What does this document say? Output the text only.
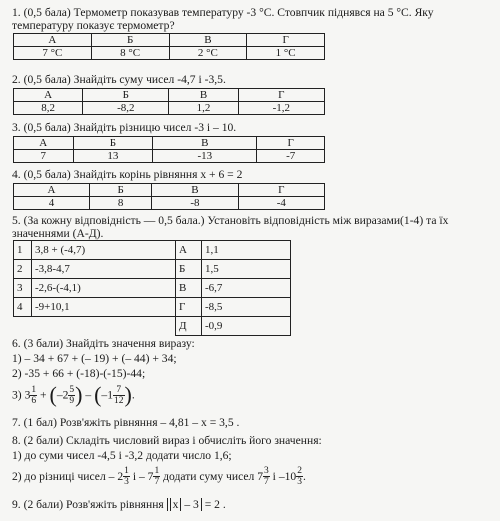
1. (0,5 бала) Термометр показував температуру -3 °С. Стовпчик піднявся на 5 °С. Яку температуру показує термометр?
А	Б	В	Г
7 °С	8 °С	2 °С	1 °С
2. (0,5 бала) Знайдіть суму чисел -4,7 і -3,5.
А	Б	В	Г
8,2	-8,2	1,2	-1,2
3. (0,5 бала) Знайдіть різницю чисел -3 і – 10.
А	Б	В	Г
7	13	-13	-7
4. (0,5 бала) Знайдіть корінь рівняння х + 6 = 2
А	Б	В	Г
4	8	-8	-4
5. (За кожну відповідність — 0,5 бала.) Установіть відповідність між виразами(1-4) та їх значеннями (А-Д).
1	3,8 + (-4,7)	А	1,1
2	-3,8-4,7	Б	1,5
3	-2,6-(-4,1)	В	-6,7
4	-9+10,1	Г	-8,5
		Д	-0,9
6. (3 бали) Знайдіть значення виразу:
1) – 34 + 67 + (– 19) + (– 44) + 34;
2) -35 + 66 + (-18)-(-15)-44;
3) $3 \frac{1}{6} + (-2 \frac{5}{9}$ ) – ($-1 \frac{7}{12}$ ).
7. (1 бал) Розв'яжіть рівняння – 4,81 – х = 3,5 .
8. (2 бали) Складіть числовий вираз і обчисліть його значення:
1) до суми чисел -4,5 і -3,2 додати число 1,6;
2) до різниці чисел – $2 \frac{1}{3}$ і – $7 \frac{1}{7}$ додати суму чисел $7 \frac{3}{7}$ і $-10 \frac{2}{3}$ .
9. (2 бали) Розв'яжіть рівняння x – 3 = 2 .
